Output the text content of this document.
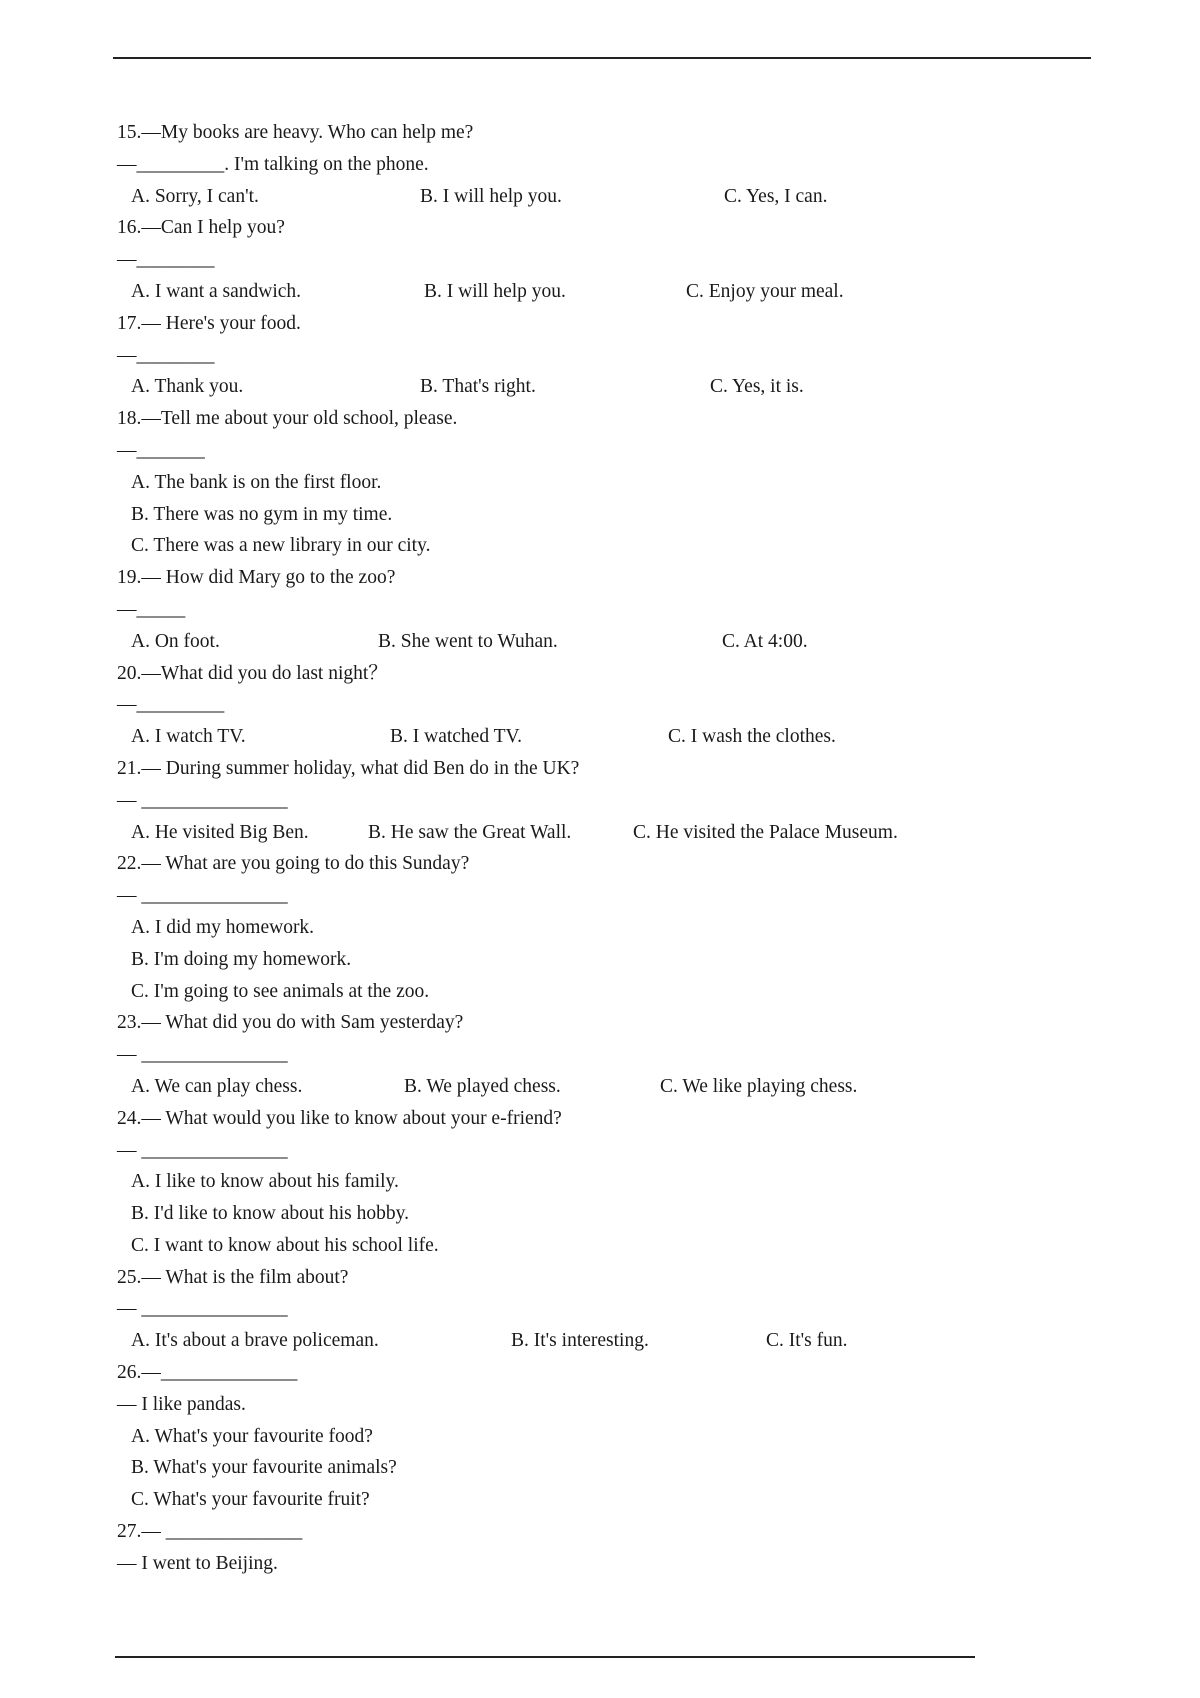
15.—My books are heavy. Who can help me?
—_________. I'm talking on the phone.

A. Sorry, I can't.

	B. I will help you.

	C. Yes, I can.

16.—Can I help you?
—________

A. I want a sandwich.

	B. I will help you.

	C. Enjoy your meal.

17.— Here's your food.
—________

A. Thank you.

	B. That's right.

	C. Yes, it is.

18.—Tell me about your old school, please.
—_______
A. The bank is on the first floor.
B. There was no gym in my time.
C. There was a new library in our city.
19.— How did Mary go to the zoo?
—_____

A. On foot.

	B. She went to Wuhan.

	C. At 4:00.

20.—What did you do last night？
—_________

A. I watch TV.

	B. I watched TV.

	C. I wash the clothes.

21.— During summer holiday, what did Ben do in the UK?
— _______________

A. He visited Big Ben.

	B. He saw the Great Wall.

	C. He visited the Palace Museum.

22.— What are you going to do this Sunday?
— _______________
A. I did my homework.
B. I'm doing my homework.
C. I'm going to see animals at the zoo.
23.— What did you do with Sam yesterday?
— _______________

A. We can play chess.

	B. We played chess.

	C. We like playing chess.

24.— What would you like to know about your e-friend?
— _______________
A. I like to know about his family.
B. I'd like to know about his hobby.
C. I want to know about his school life.
25.— What is the film about?
— _______________

A. It's about a brave policeman.

	B. It's interesting.

	C. It's fun.

26.—______________
— I like pandas.
A. What's your favourite food?
B. What's your favourite animals?
C. What's your favourite fruit?
27.— ______________
— I went to Beijing.
